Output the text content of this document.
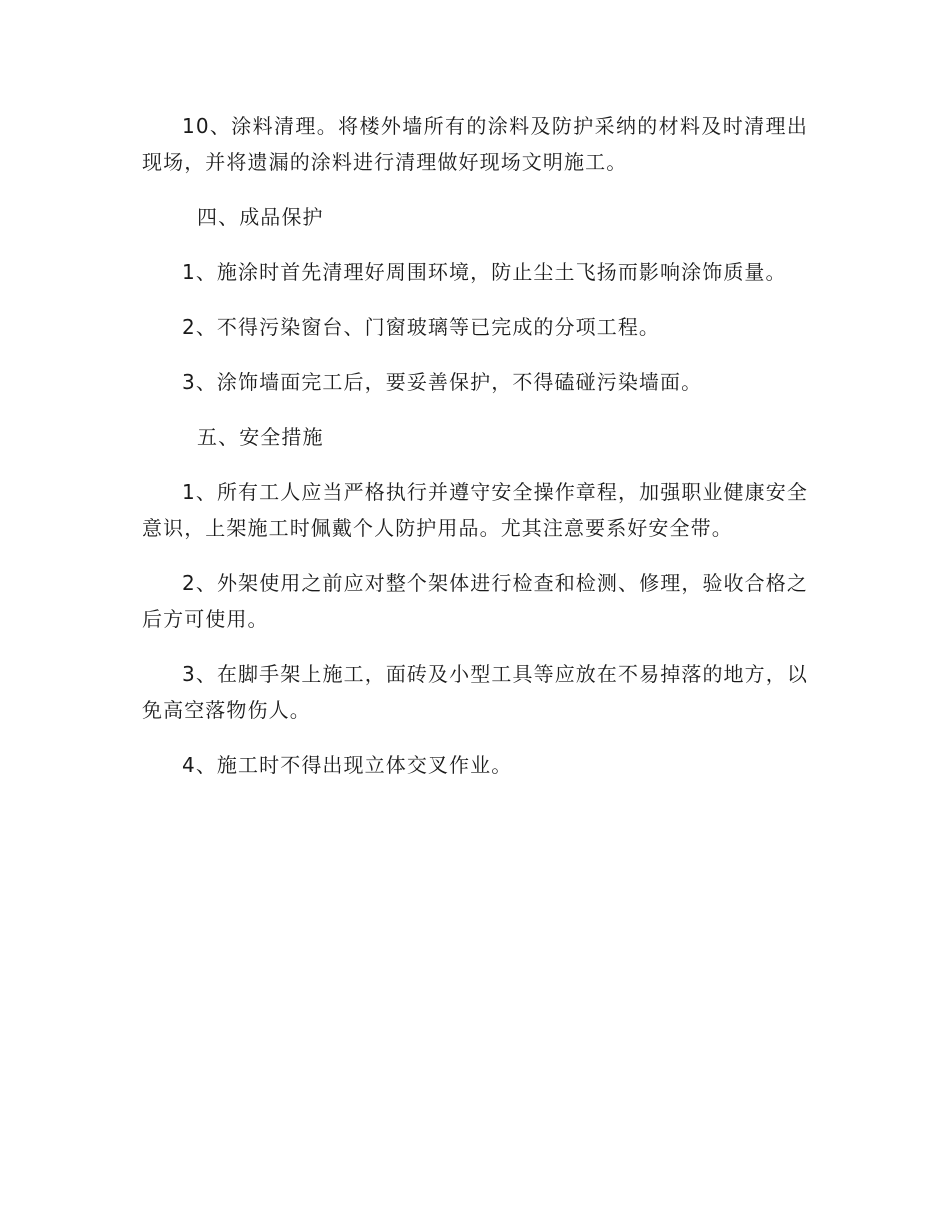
10、涂料清理。将楼外墙所有的涂料及防护采纳的材料及时清理出现场，并将遗漏的涂料进行清理做好现场文明施工。

四、成品保护

1、施涂时首先清理好周围环境，防止尘土飞扬而影响涂饰质量。

2、不得污染窗台、门窗玻璃等已完成的分项工程。

3、涂饰墙面完工后，要妥善保护，不得磕碰污染墙面。

五、安全措施

1、所有工人应当严格执行并遵守安全操作章程，加强职业健康安全意识，上架施工时佩戴个人防护用品。尤其注意要系好安全带。

2、外架使用之前应对整个架体进行检查和检测、修理，验收合格之后方可使用。

3、在脚手架上施工，面砖及小型工具等应放在不易掉落的地方，以免高空落物伤人。

4、施工时不得出现立体交叉作业。
